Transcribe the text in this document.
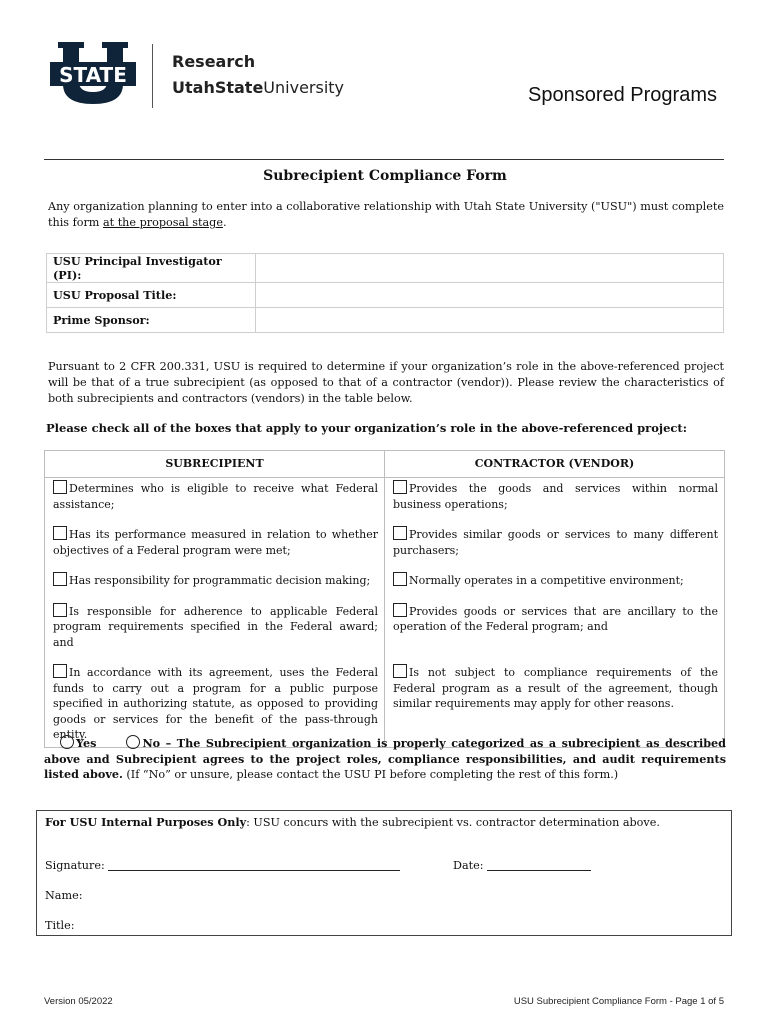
STATE
Research
UtahStateUniversity	Sponsored Programs
Subrecipient Compliance Form
Any organization planning to enter into a collaborative relationship with Utah State University ("USU") must complete this form at the proposal stage.
USU Principal Investigator (PI):	
USU Proposal Title:	
Prime Sponsor:	
Pursuant to 2 CFR 200.331, USU is required to determine if your organization’s role in the above-referenced project will be that of a true subrecipient (as opposed to that of a contractor (vendor)). Please review the characteristics of both subrecipients and contractors (vendors) in the table below.
Please check all of the boxes that apply to your organization’s role in the above-referenced project:
SUBRECIPIENT	CONTRACTOR (VENDOR)
Determines who is eligible to receive what Federal assistance;	Provides the goods and services within normal business operations;
Has its performance measured in relation to whether objectives of a Federal program were met;	Provides similar goods or services to many different purchasers;
Has responsibility for programmatic decision making;	Normally operates in a competitive environment;
Is responsible for adherence to applicable Federal program requirements specified in the Federal award; and	Provides goods or services that are ancillary to the operation of the Federal program; and
In accordance with its agreement, uses the Federal funds to carry out a program for a public purpose specified in authorizing statute, as opposed to providing goods or services for the benefit of the pass-through entity.	Is not subject to compliance requirements of the Federal program as a result of the agreement, though similar requirements may apply for other reasons.
Yes	No – The Subrecipient organization is properly categorized as a subrecipient as described above and Subrecipient agrees to the project roles, compliance responsibilities, and audit requirements listed above. (If “No” or unsure, please contact the USU PI before completing the rest of this form.)
For USU Internal Purposes Only: USU concurs with the subrecipient vs. contractor determination above.
Signature:	Date:
Name:
Title:
Version 05/2022	USU Subrecipient Compliance Form - Page 1 of 5
